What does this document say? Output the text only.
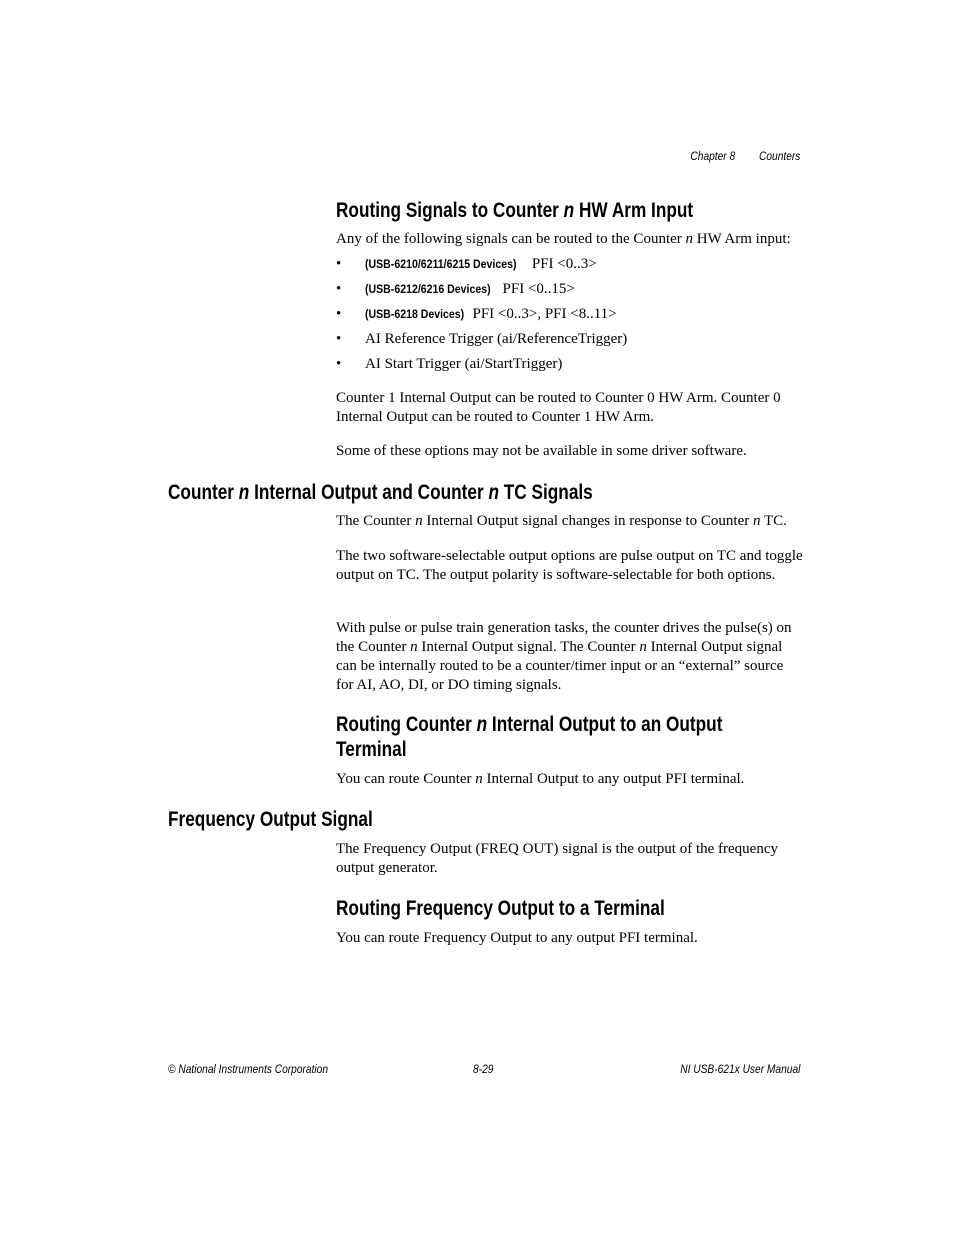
Chapter 8 Counters
Routing Signals to Counter n HW Arm Input
Any of the following signals can be routed to the Counter n HW Arm input:
• (USB-6210/6211/6215 Devices) PFI <0..3>
• (USB-6212/6216 Devices) PFI <0..15>
• (USB-6218 Devices) PFI <0..3>, PFI <8..11>
• AI Reference Trigger (ai/ReferenceTrigger)
• AI Start Trigger (ai/StartTrigger)
Counter 1 Internal Output can be routed to Counter 0 HW Arm. Counter 0 Internal Output can be routed to Counter 1 HW Arm.
Some of these options may not be available in some driver software.
Counter n Internal Output and Counter n TC Signals
The Counter n Internal Output signal changes in response to Counter n TC.
The two software-selectable output options are pulse output on TC and toggle output on TC. The output polarity is software-selectable for both options.
With pulse or pulse train generation tasks, the counter drives the pulse(s) on the Counter n Internal Output signal. The Counter n Internal Output signal can be internally routed to be a counter/timer input or an “external” source for AI, AO, DI, or DO timing signals.
Routing Counter n Internal Output to an Output
Terminal
You can route Counter n Internal Output to any output PFI terminal.
Frequency Output Signal
The Frequency Output (FREQ OUT) signal is the output of the frequency output generator.
Routing Frequency Output to a Terminal
You can route Frequency Output to any output PFI terminal.
© National Instruments Corporation	8-29	NI USB-621x User Manual
